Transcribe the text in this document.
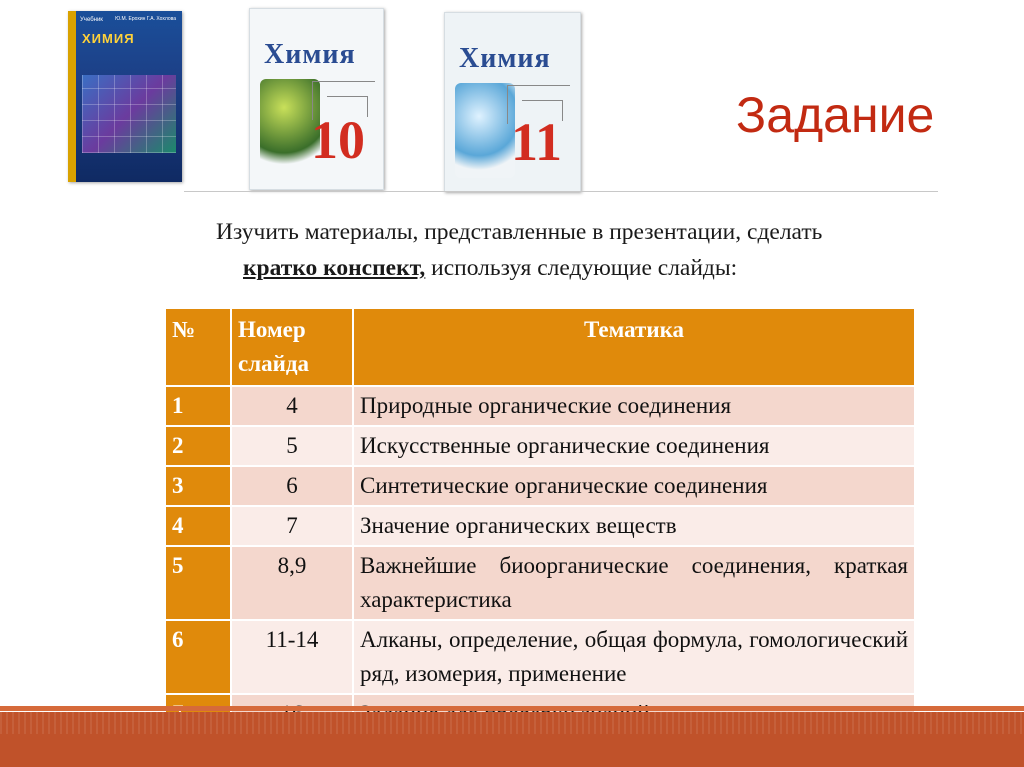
Учебник Ю.М. Ерохин Г.А. Хохлова
ХИМИЯ
Химия
10
Химия
11	Задание
Изучить материалы, представленные в презентации, сделать
кратко конспект, используя следующие слайды:
№	Номер слайда	Тематика
1	4	Природные органические соединения
2	5	Искусственные органические соединения
3	6	Синтетические органические соединения
4	7	Значение органических веществ
5	8,9	Важнейшие биоорганические соединения, краткая характеристика
6	11-14	Алканы, определение, общая формула, гомологический ряд, изомерия, применение
